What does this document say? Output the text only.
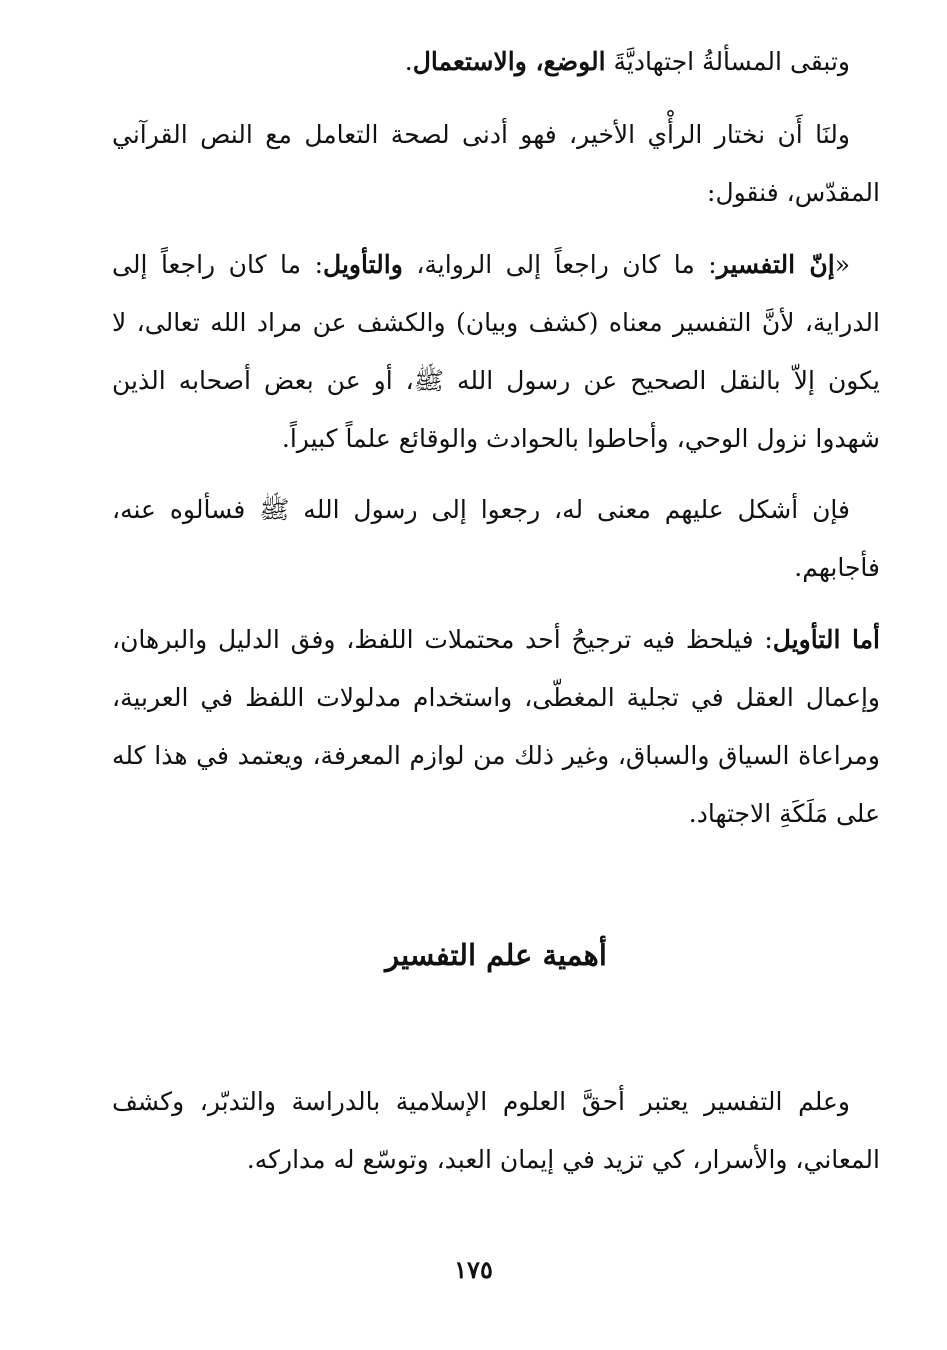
وتبقى المسألةُ اجتهاديَّةَ الوضع، والاستعمال.

ولنَا أَن نختار الرأْي الأخير، فهو أدنى لصحة التعامل مع النص القرآني المقدّس، فنقول:

«إنّ التفسير: ما كان راجعاً إلى الرواية، والتأويل: ما كان راجعاً إلى الدراية، لأنَّ التفسير معناه (كشف وبيان) والكشف عن مراد الله تعالى، لا يكون إلاّ بالنقل الصحيح عن رسول الله ﷺ، أو عن بعض أصحابه الذين شهدوا نزول الوحي، وأحاطوا بالحوادث والوقائع علماً كبيراً.

فإن أشكل عليهم معنى له، رجعوا إلى رسول الله ﷺ فسألوه عنه، فأجابهم.

أما التأويل: فيلحظ فيه ترجيحُ أحد محتملات اللفظ، وفق الدليل والبرهان، وإعمال العقل في تجلية المغطّى، واستخدام مدلولات اللفظ في العربية، ومراعاة السياق والسباق، وغير ذلك من لوازم المعرفة، ويعتمد في هذا كله على مَلَكَةِ الاجتهاد.

أهمية علم التفسير

وعلم التفسير يعتبر أحقَّ العلوم الإسلامية بالدراسة والتدبّر، وكشف المعاني، والأسرار، كي تزيد في إيمان العبد، وتوسّع له مداركه.

١٧٥
